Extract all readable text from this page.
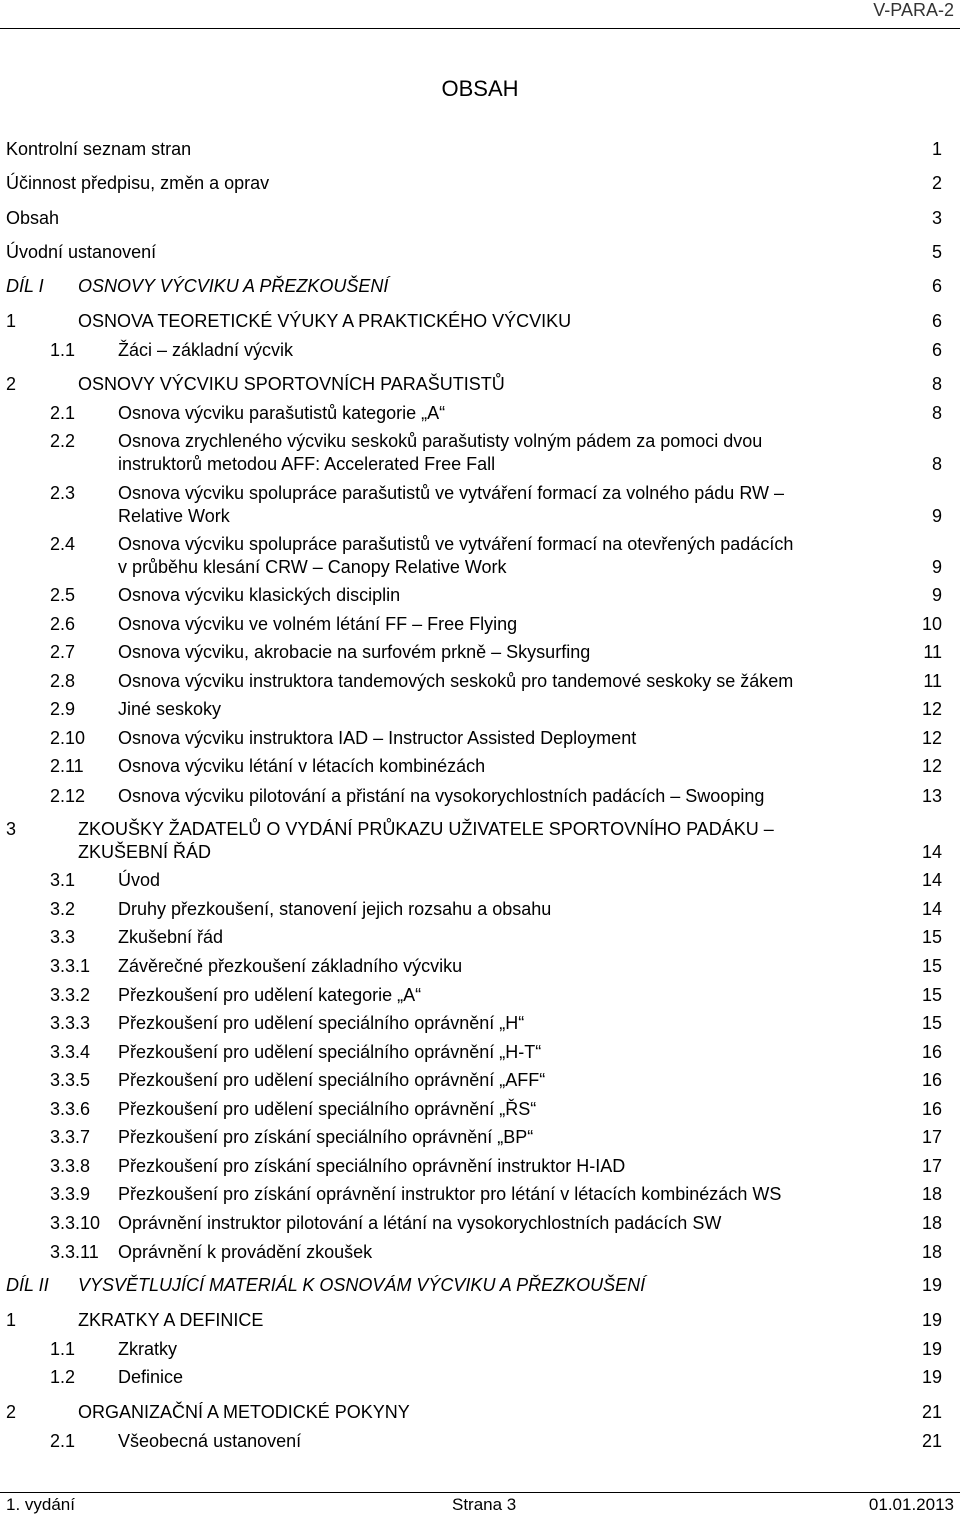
V-PARA-2
OBSAH
Kontrolní seznam stran	1
Účinnost předpisu, změn a oprav	2
Obsah	3
Úvodní ustanovení	5
DÍL I OSNOVY VÝCVIKU A PŘEZKOUŠENÍ	6
1	OSNOVA TEORETICKÉ VÝUKY A PRAKTICKÉHO VÝCVIKU	6
1.1 Žáci – základní výcvik	6
2	OSNOVY VÝCVIKU SPORTOVNÍCH PARAŠUTISTŮ	8
2.1 Osnova výcviku parašutistů kategorie „A“	8
2.2 Osnova zrychleného výcviku seskoků parašutisty volným pádem za pomoci dvou
instruktorů metodou AFF: Accelerated Free Fall	8
2.3 Osnova výcviku spolupráce parašutistů ve vytváření formací za volného pádu RW –
Relative Work	9
2.4 Osnova výcviku spolupráce parašutistů ve vytváření formací na otevřených padácích
v průběhu klesání CRW – Canopy Relative Work	9
2.5 Osnova výcviku klasických disciplin	9
2.6 Osnova výcviku ve volném létání FF – Free Flying	10
2.7 Osnova výcviku, akrobacie na surfovém prkně – Skysurfing	11
2.8 Osnova výcviku instruktora tandemových seskoků pro tandemové seskoky se žákem	11
2.9 Jiné seskoky	12
2.10 Osnova výcviku instruktora IAD – Instructor Assisted Deployment	12
2.11 Osnova výcviku létání v létacích kombinézách	12
2.12 Osnova výcviku pilotování a přistání na vysokorychlostních padácích – Swooping	13
3	ZKOUŠKY ŽADATELŮ O VYDÁNÍ PRŮKAZU UŽIVATELE SPORTOVNÍHO PADÁKU –
ZKUŠEBNÍ ŘÁD	14
3.1 Úvod	14
3.2 Druhy přezkoušení, stanovení jejich rozsahu a obsahu	14
3.3 Zkušební řád	15
3.3.1 Závěrečné přezkoušení základního výcviku	15
3.3.2 Přezkoušení pro udělení kategorie „A“	15
3.3.3 Přezkoušení pro udělení speciálního oprávnění „H“	15
3.3.4 Přezkoušení pro udělení speciálního oprávnění „H-T“	16
3.3.5 Přezkoušení pro udělení speciálního oprávnění „AFF“	16
3.3.6 Přezkoušení pro udělení speciálního oprávnění „ŘS“	16
3.3.7 Přezkoušení pro získání speciálního oprávnění „BP“	17
3.3.8 Přezkoušení pro získání speciálního oprávnění instruktor H-IAD	17
3.3.9 Přezkoušení pro získání oprávnění instruktor pro létání v létacích kombinézách WS	18
3.3.10 Oprávnění instruktor pilotování a létání na vysokorychlostních padácích SW	18
3.3.11 Oprávnění k provádění zkoušek	18
DÍL II VYSVĚTLUJÍCÍ MATERIÁL K OSNOVÁM VÝCVIKU A PŘEZKOUŠENÍ	19
1	ZKRATKY A DEFINICE	19
1.1 Zkratky	19
1.2 Definice	19
2	ORGANIZAČNÍ A METODICKÉ POKYNY	21
2.1 Všeobecná ustanovení	21
1. vydání	Strana 3	01.01.2013
